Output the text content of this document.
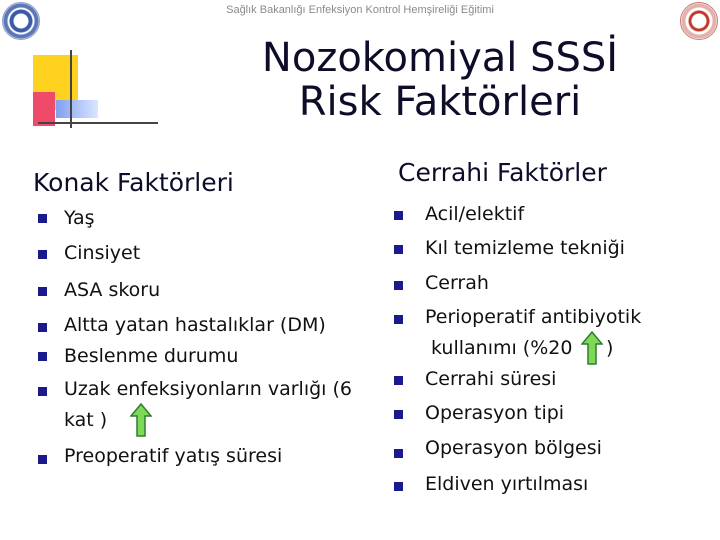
Sağlık Bakanlığı Enfeksiyon Kontrol Hemşireliği Eğitimi
Nozokomiyal SSSİ
Risk Faktörleri
Konak Faktörleri	Cerrahi Faktörler
Yaş
Cinsiyet
ASA skoru
Altta yatan hastalıklar (DM)
Beslenme durumu
Uzak enfeksiyonların varlığı (6
kat )
Preoperatif yatış süresi
Acil/elektif
Kıl temizleme tekniği
Cerrah
Perioperatif antibiyotik
kullanımı (%20 )
Cerrahi süresi
Operasyon tipi
Operasyon bölgesi
Eldiven yırtılması
